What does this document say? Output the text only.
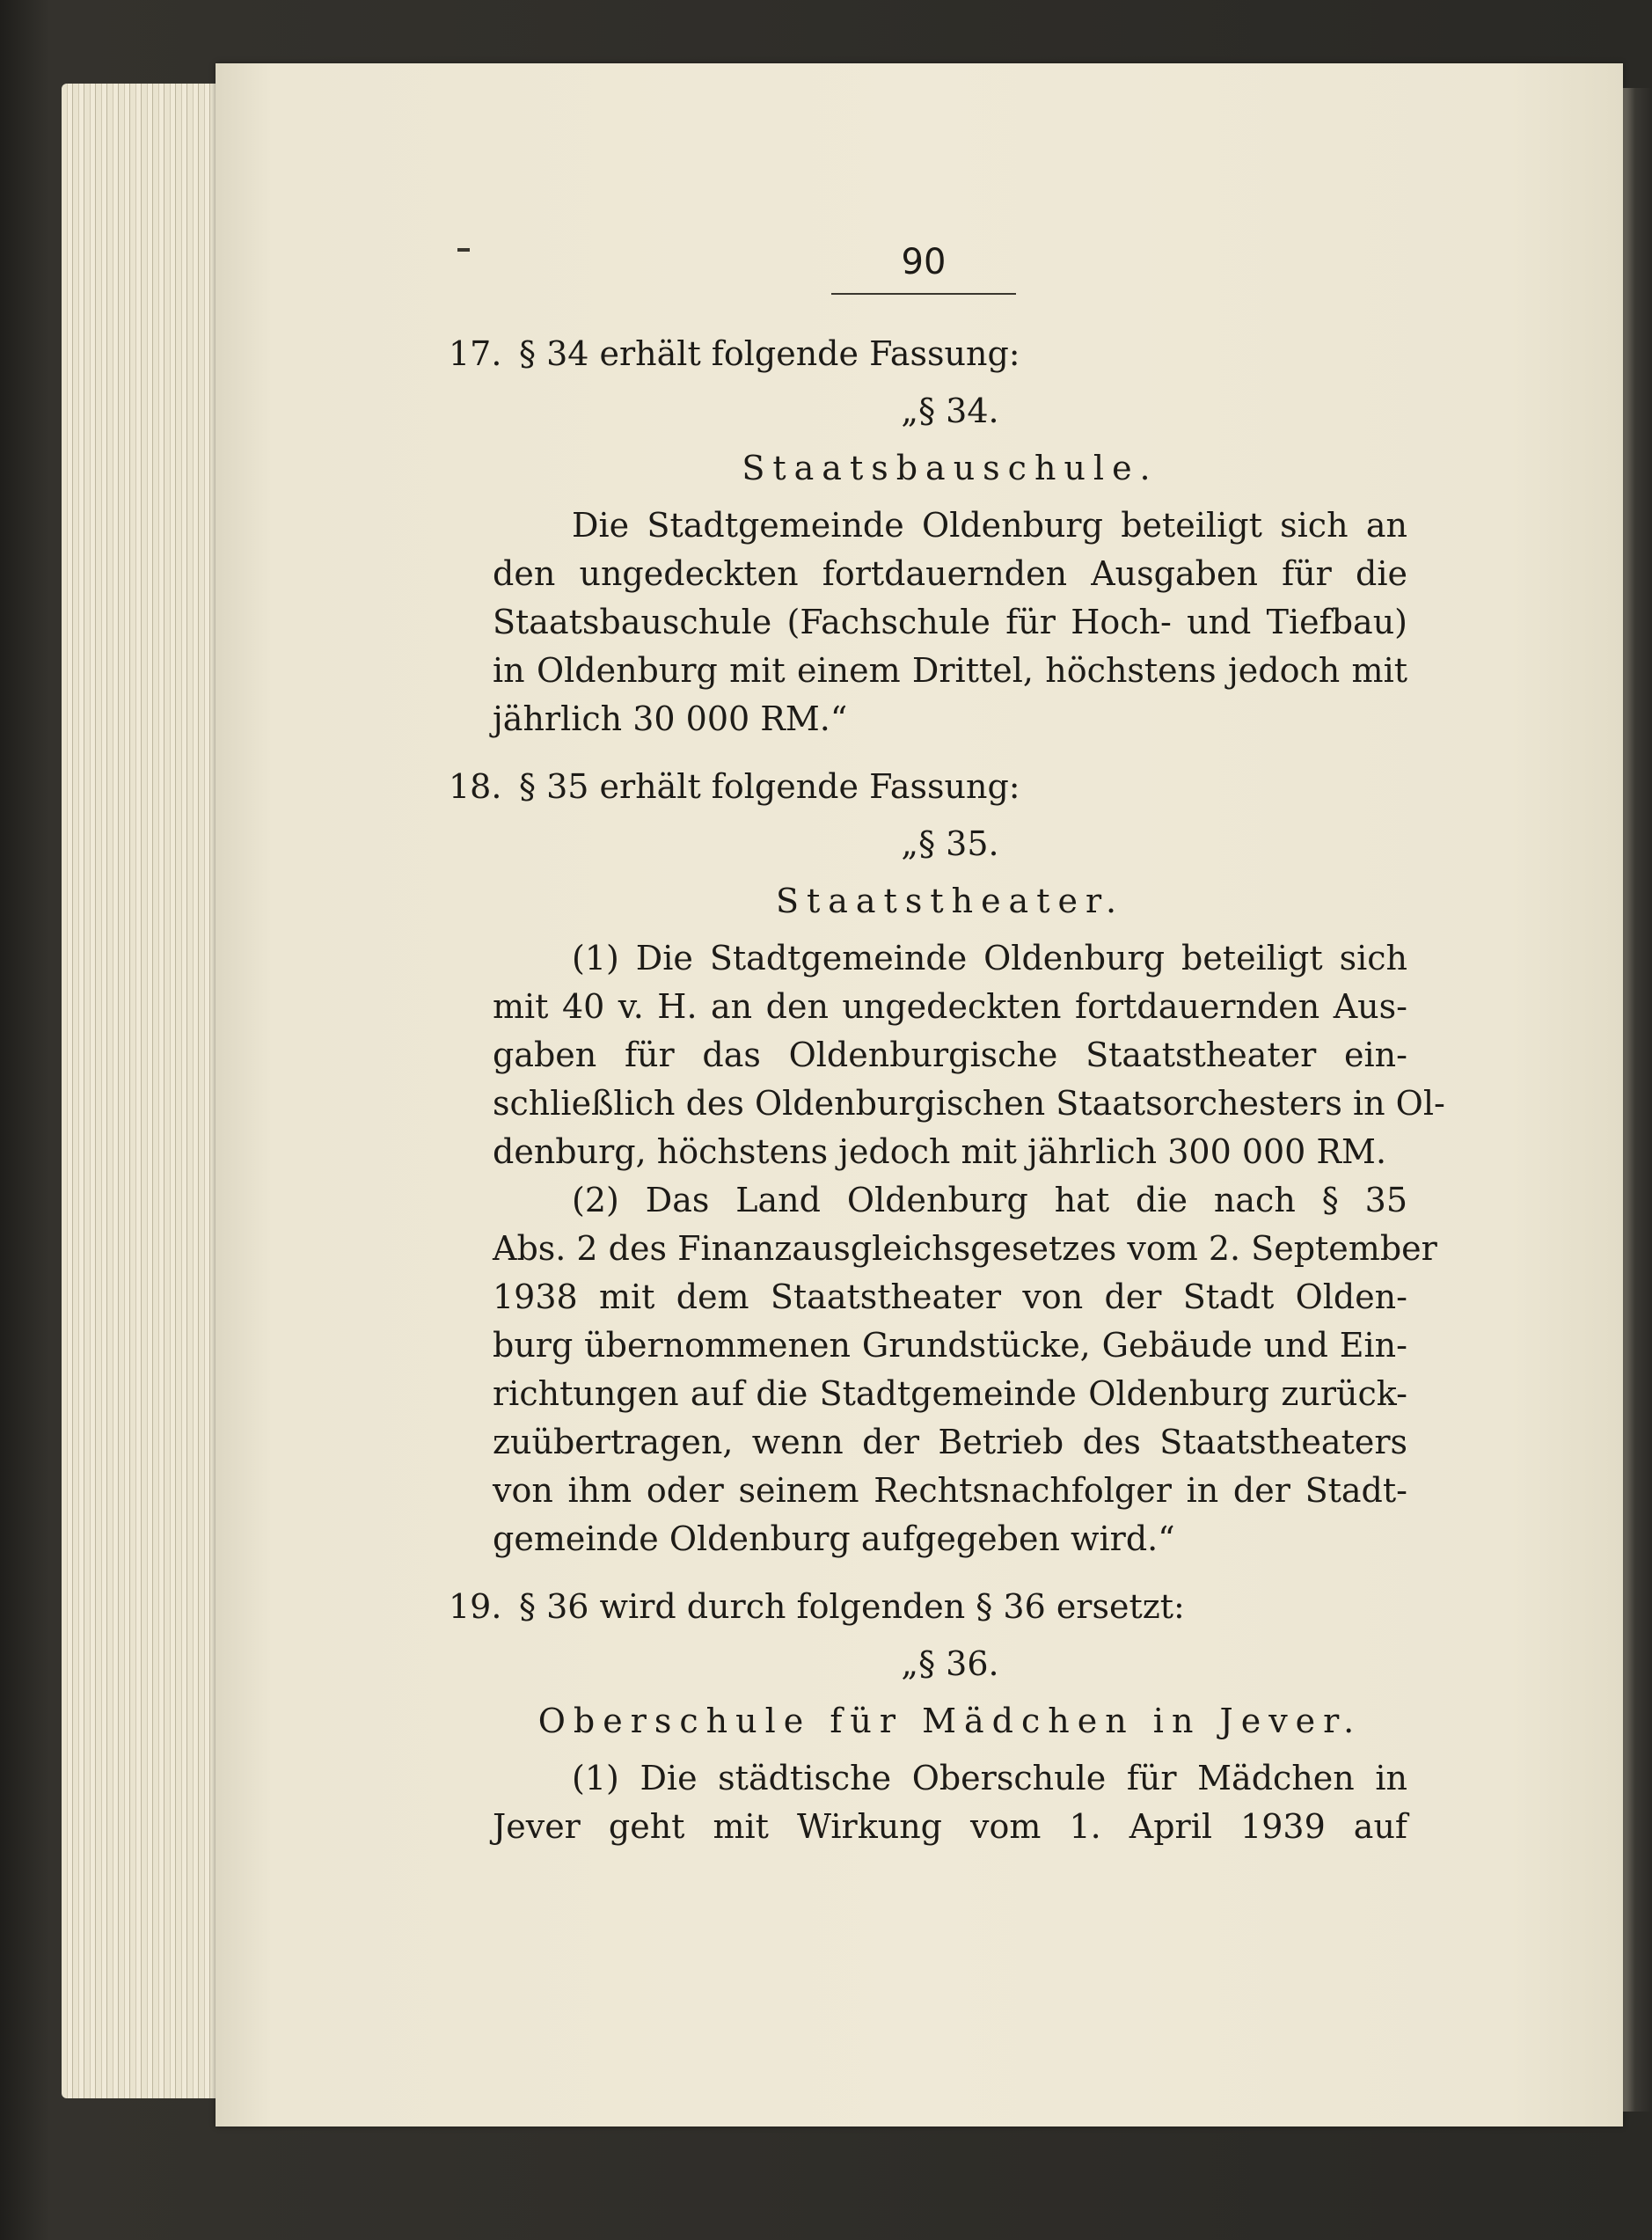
90
17. § 34 erhält folgende Fassung:
„§ 34.
Staatsbauschule.
Die Stadtgemeinde Oldenburg beteiligt sich an
den ungedeckten fortdauernden Ausgaben für die
Staatsbauschule (Fachschule für Hoch- und Tiefbau)
in Oldenburg mit einem Drittel, höchstens jedoch mit
jährlich 30 000 RM.“
18. § 35 erhält folgende Fassung:
„§ 35.
Staatstheater.
(1) Die Stadtgemeinde Oldenburg beteiligt sich
mit 40 v. H. an den ungedeckten fortdauernden Aus-
gaben für das Oldenburgische Staatstheater ein-
schließlich des Oldenburgischen Staatsorchesters in Ol-
denburg, höchstens jedoch mit jährlich 300 000 RM.
(2) Das Land Oldenburg hat die nach § 35
Abs. 2 des Finanzausgleichsgesetzes vom 2. September
1938 mit dem Staatstheater von der Stadt Olden-
burg übernommenen Grundstücke, Gebäude und Ein-
richtungen auf die Stadtgemeinde Oldenburg zurück-
zuübertragen, wenn der Betrieb des Staatstheaters
von ihm oder seinem Rechtsnachfolger in der Stadt-
gemeinde Oldenburg aufgegeben wird.“
19. § 36 wird durch folgenden § 36 ersetzt:
„§ 36.
Oberschule für Mädchen in Jever.
(1) Die städtische Oberschule für Mädchen in
Jever geht mit Wirkung vom 1. April 1939 auf
